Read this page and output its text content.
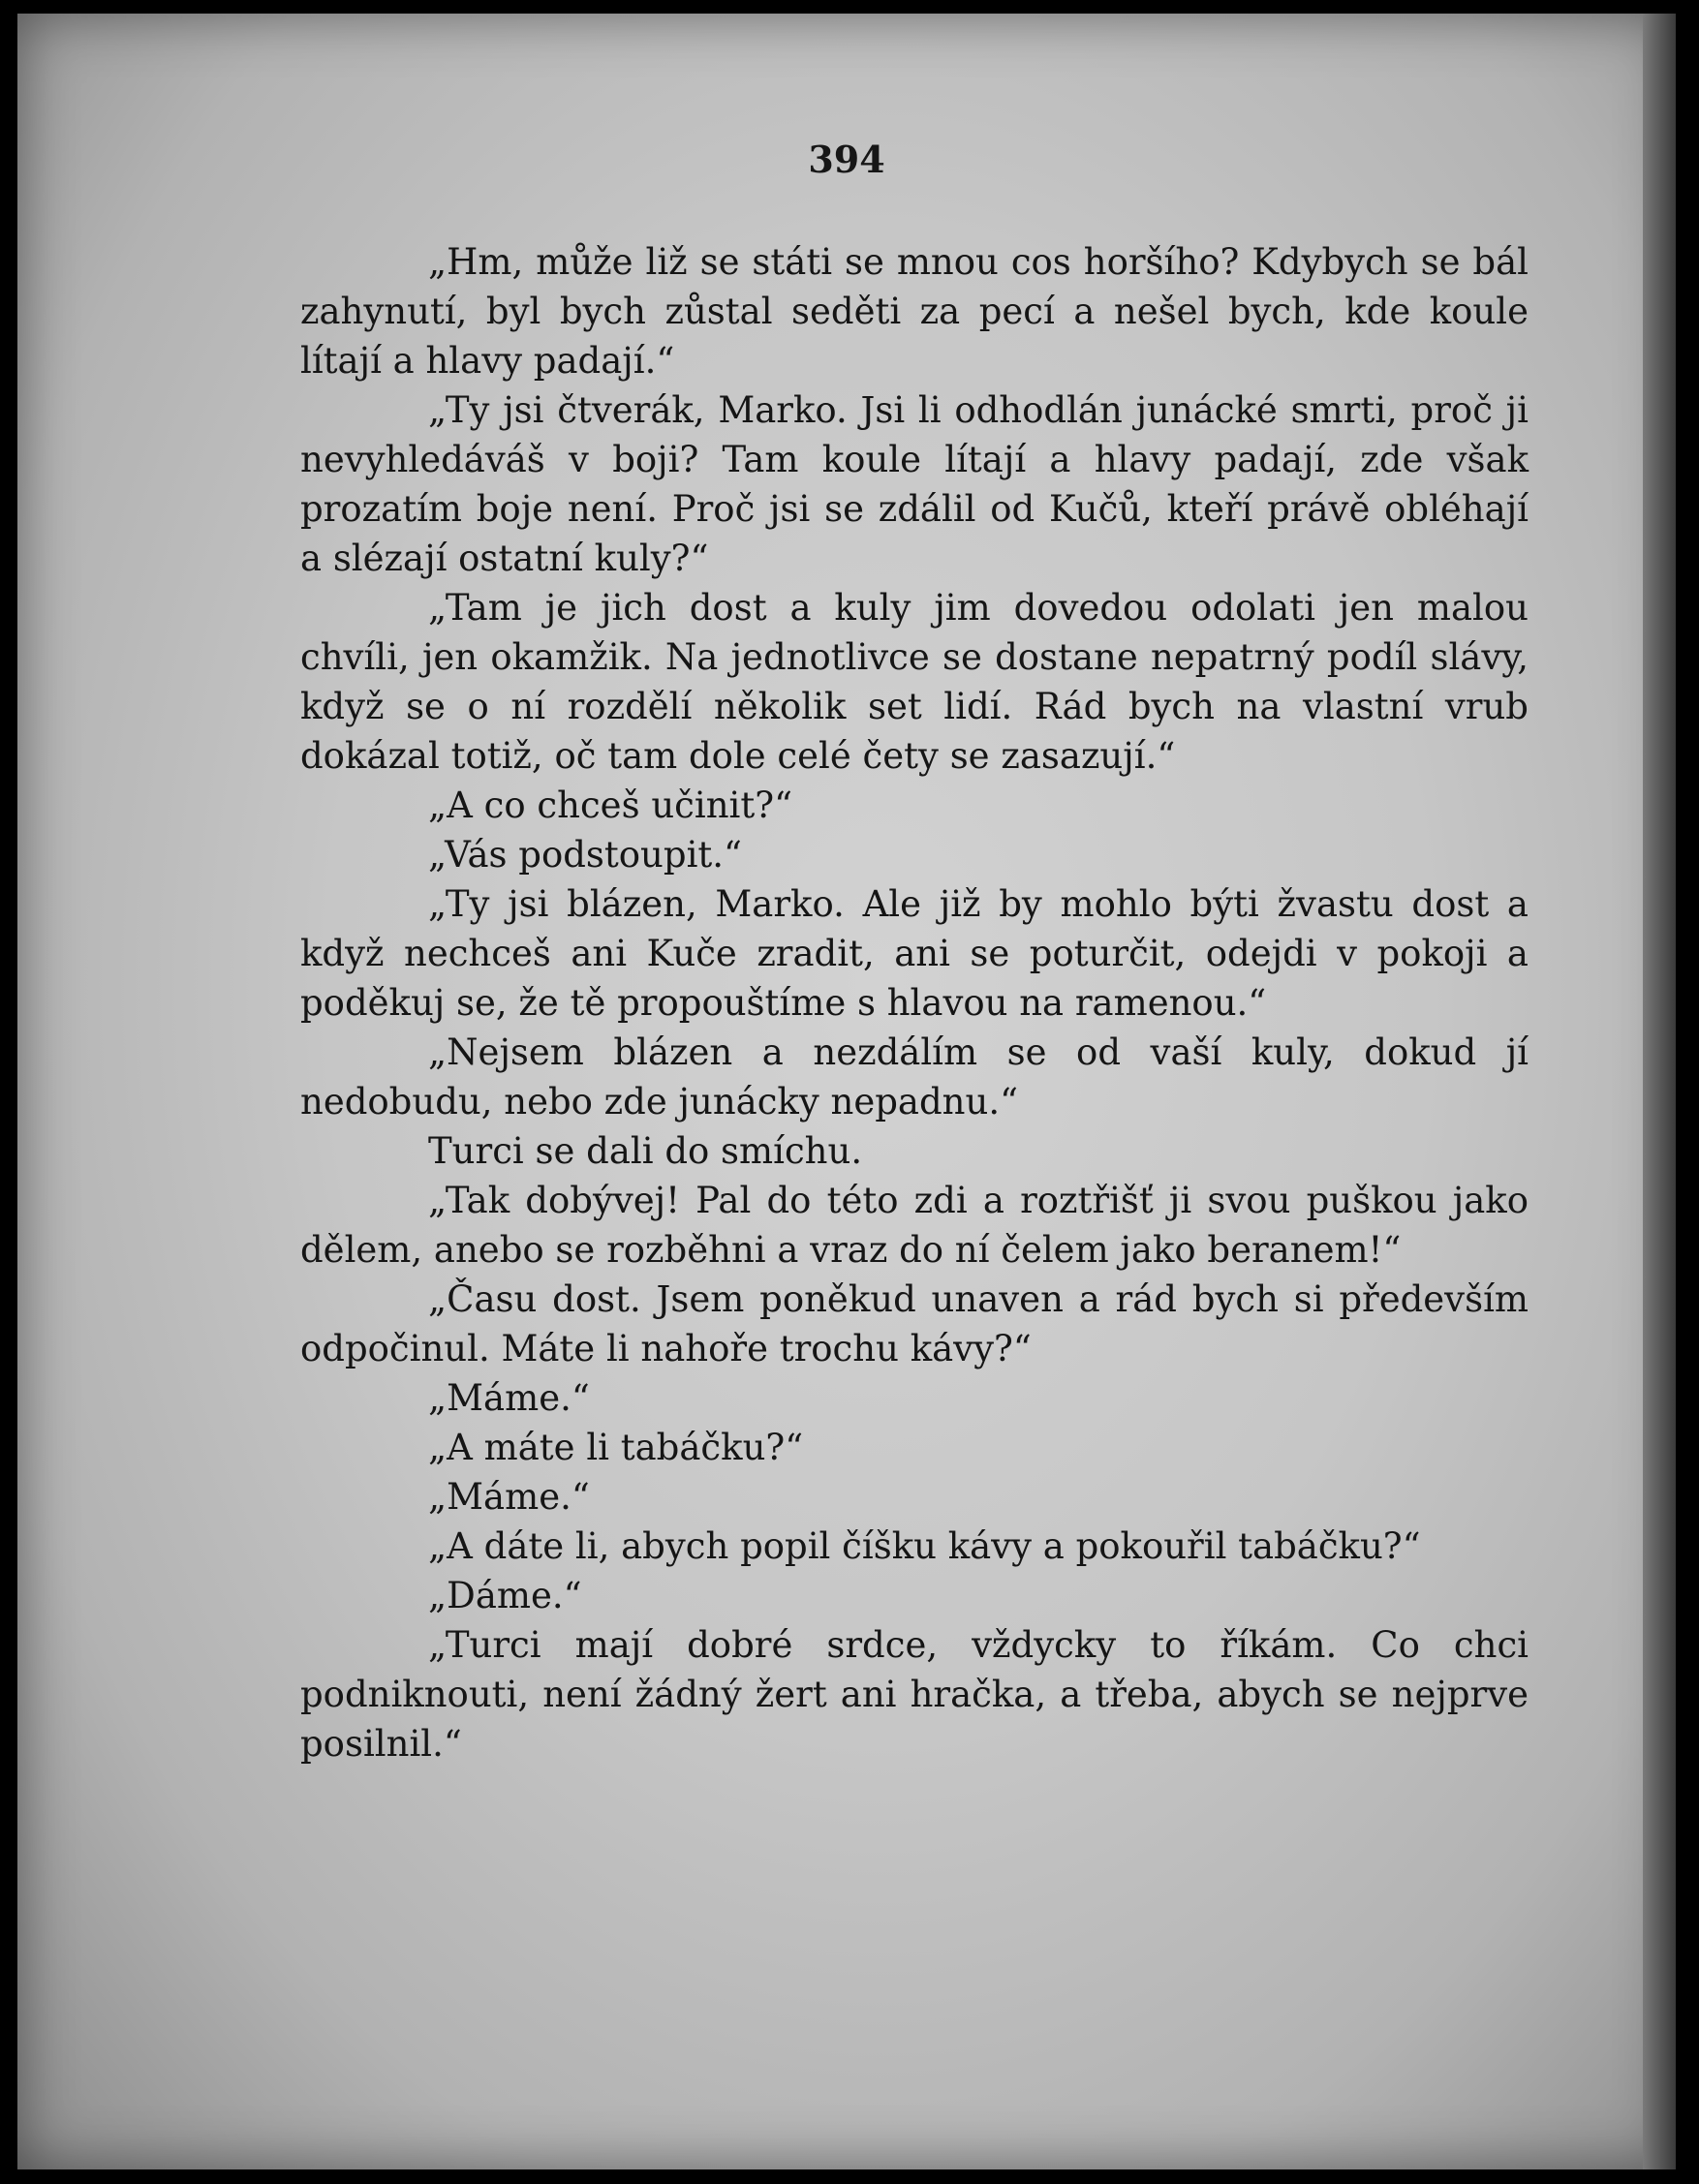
394

„Hm, může liž se státi se mnou cos horšího? Kdybych se bál zahynutí, byl bych zůstal seděti za pecí a nešel bych, kde koule lítají a hlavy padají.“

„Ty jsi čtverák, Marko. Jsi li odhodlán junácké smrti, proč ji nevyhledáváš v boji? Tam koule lítají a hlavy padají, zde však prozatím boje není. Proč jsi se zdálil od Kučů, kteří právě obléhají a slézají ostatní kuly?“

„Tam je jich dost a kuly jim dovedou odolati jen malou chvíli, jen okamžik. Na jednotlivce se dostane nepatrný podíl slávy, když se o ní rozdělí několik set lidí. Rád bych na vlastní vrub dokázal totiž, oč tam dole celé čety se zasazují.“

„A co chceš učinit?“

„Vás podstoupit.“

„Ty jsi blázen, Marko. Ale již by mohlo býti žvastu dost a když nechceš ani Kuče zradit, ani se poturčit, odejdi v pokoji a poděkuj se, že tě propouštíme s hlavou na ramenou.“

„Nejsem blázen a nezdálím se od vaší kuly, dokud jí nedobudu, nebo zde junácky nepadnu.“

Turci se dali do smíchu.

„Tak dobývej! Pal do této zdi a roztřišť ji svou puškou jako dělem, anebo se rozběhni a vraz do ní čelem jako beranem!“

„Času dost. Jsem poněkud unaven a rád bych si především odpočinul. Máte li nahoře trochu kávy?“

„Máme.“

„A máte li tabáčku?“

„Máme.“

„A dáte li, abych popil číšku kávy a pokouřil tabáčku?“

„Dáme.“

„Turci mají dobré srdce, vždycky to říkám. Co chci podniknouti, není žádný žert ani hračka, a třeba, abych se nejprve posilnil.“
